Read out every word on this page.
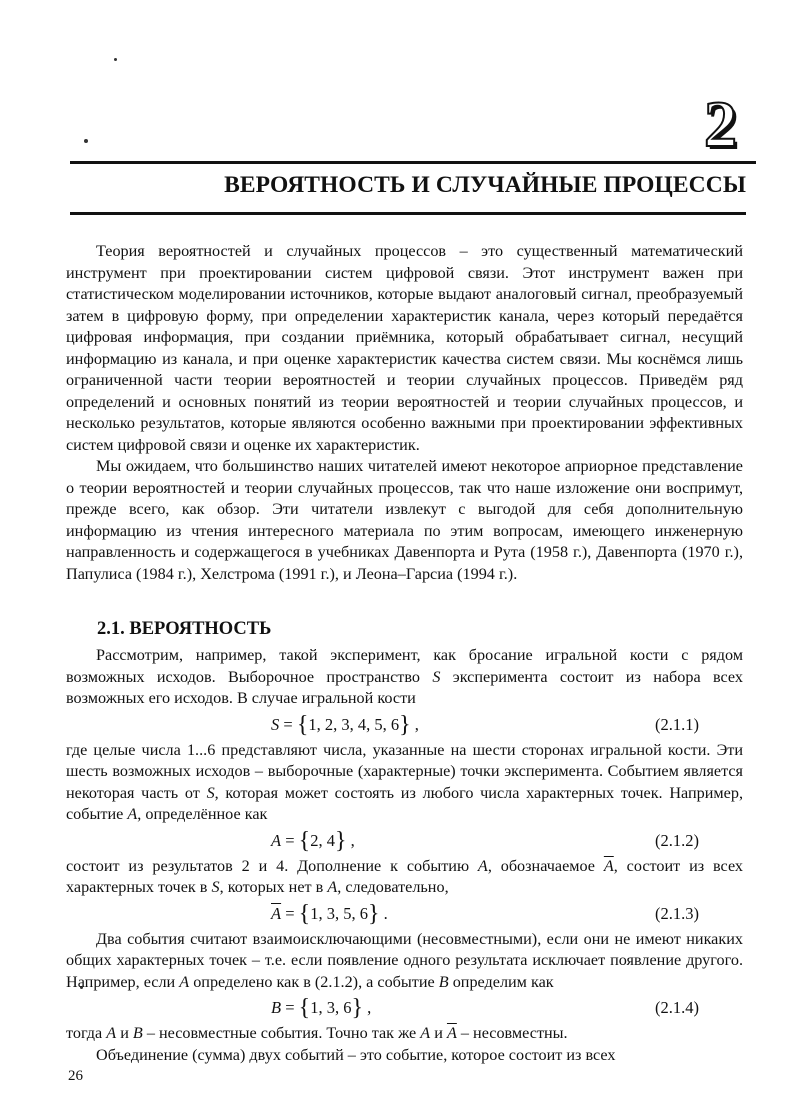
2
ВЕРОЯТНОСТЬ И СЛУЧАЙНЫЕ ПРОЦЕССЫ

Теория вероятностей и случайных процессов – это существенный математический инструмент при проектировании систем цифровой связи. Этот инструмент важен при статистическом моделировании источников, которые выдают аналоговый сигнал, преобразуемый затем в цифровую форму, при определении характеристик канала, через который передаётся цифровая информация, при создании приёмника, который обрабатывает сигнал, несущий информацию из канала, и при оценке характеристик качества систем связи. Мы коснёмся лишь ограниченной части теории вероятностей и теории случайных процессов. Приведём ряд определений и основных понятий из теории вероятностей и теории случайных процессов, и несколько результатов, которые являются особенно важными при проектировании эффективных систем цифровой связи и оценке их характеристик.

Мы ожидаем, что большинство наших читателей имеют некоторое априорное представление о теории вероятностей и теории случайных процессов, так что наше изложение они воспримут, прежде всего, как обзор. Эти читатели извлекут с выгодой для себя дополнительную информацию из чтения интересного материала по этим вопросам, имеющего инженерную направленность и содержащегося в учебниках Давенпорта и Рута (1958 г.), Давенпорта (1970 г.), Папулиса (1984 г.), Хелстрома (1991 г.), и Леона–Гарсиа (1994 г.).

2.1. ВЕРОЯТНОСТЬ

Рассмотрим, например, такой эксперимент, как бросание игральной кости с рядом возможных исходов. Выборочное пространство S эксперимента состоит из набора всех возможных его исходов. В случае игральной кости

S = {1, 2, 3, 4, 5, 6} ,	(2.1.1)

где целые числа 1...6 представляют числа, указанные на шести сторонах игральной кости. Эти шесть возможных исходов – выборочные (характерные) точки эксперимента. Событием является некоторая часть от S, которая может состоять из любого числа характерных точек. Например, событие A, определённое как

A = {2, 4} ,	(2.1.2)

состоит из результатов 2 и 4. Дополнение к событию A, обозначаемое $\overline{A}$, состоит из всех характерных точек в S, которых нет в A, следовательно,

$\overline{A} = \{1$, 3, 5, 6} .	(2.1.3)

Два события считают взаимоисключающими (несовместными), если они не имеют никаких общих характерных точек – т.е. если появление одного результата исключает появление другого. Например, если A определено как в (2.1.2), а событие B определим как

B = {1, 3, 6} ,	(2.1.4)

тогда A и B – несовместные события. Точно так же A и $\overline{A}$ – несовместны.

Объединение (сумма) двух событий – это событие, которое состоит из всех

26
